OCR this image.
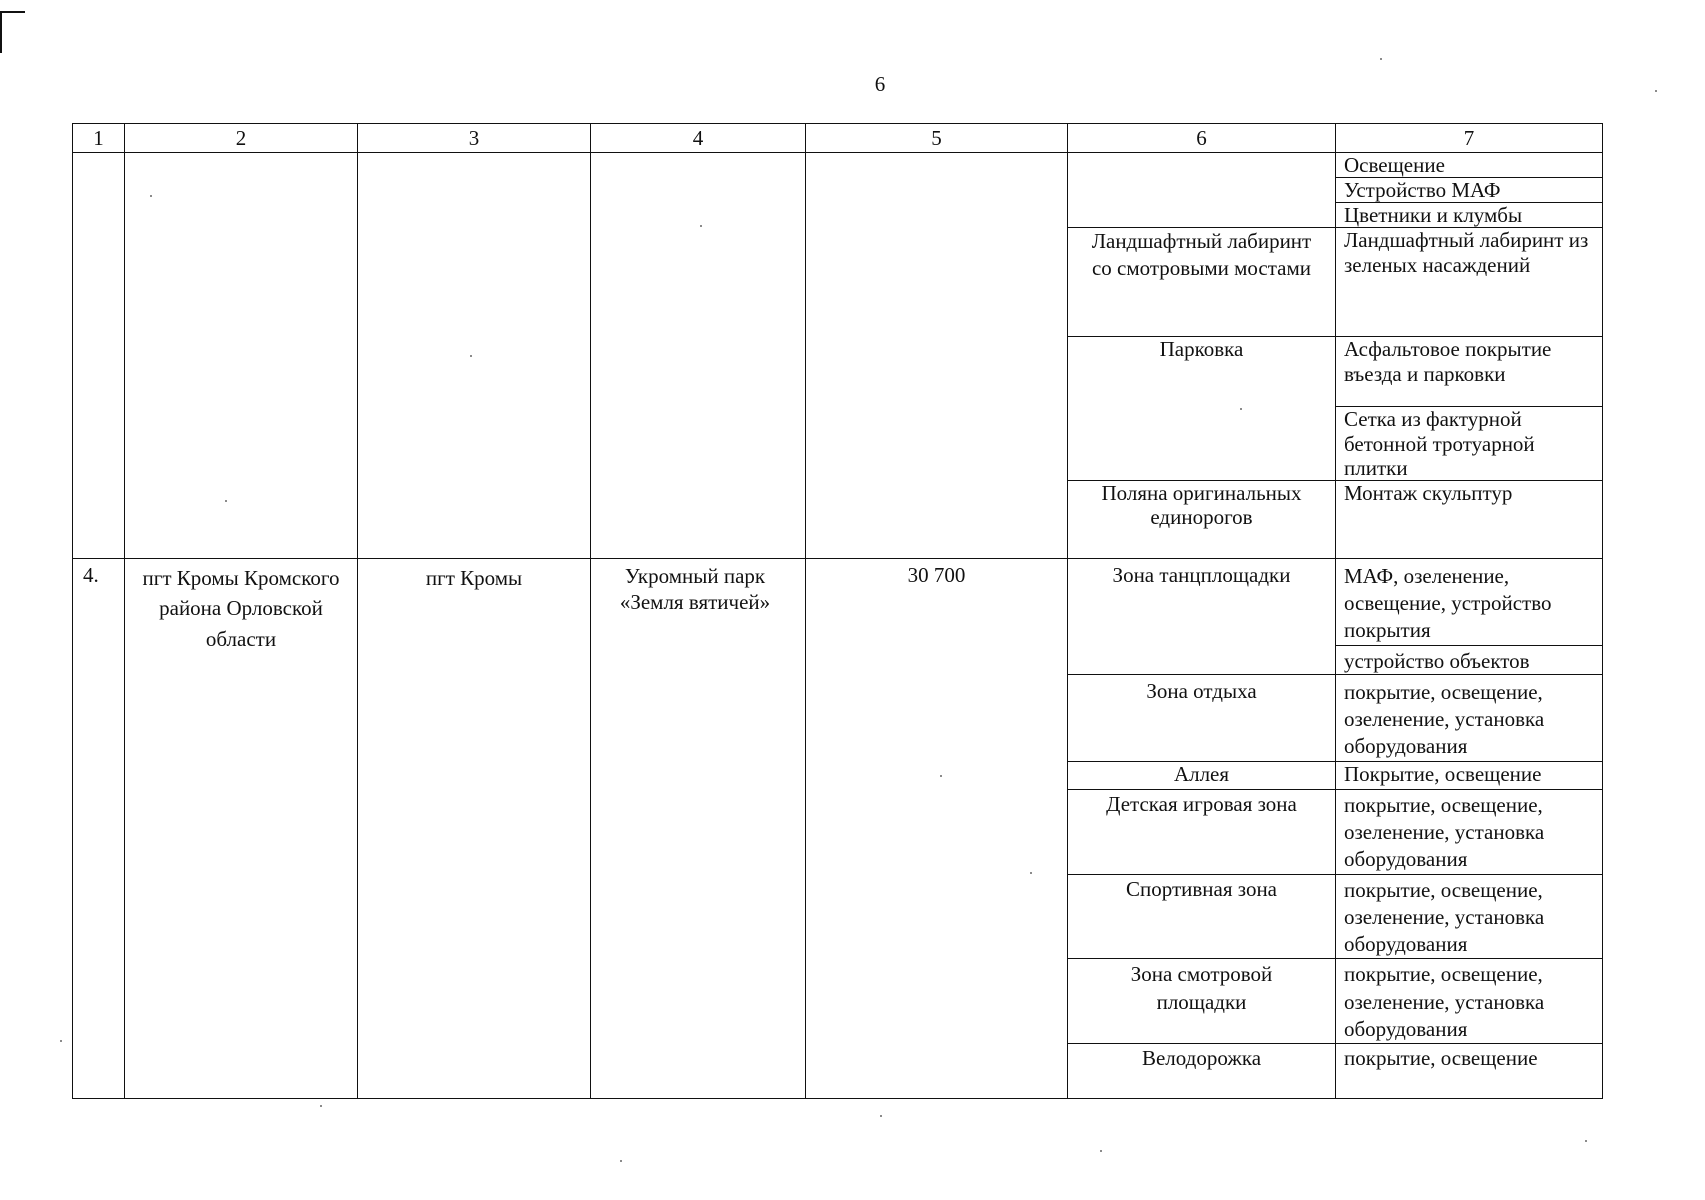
6
1	2	3	4	5	6	7
						Освещение
						Устройство МАФ
						Цветники и клумбы
					Ландшафтный лабиринт со смотровыми мостами	Ландшафтный лабиринт из зеленых насаждений
					Парковка	Асфальтовое покрытие въезда и парковки
						Сетка из фактурной бетонной тротуарной плитки
					Поляна оригинальных единорогов	Монтаж скульптур

4.	пгт Кромы Кромского района Орловской области	пгт Кромы	Укромный парк «Земля вятичей»	30 700	Зона танцплощадки	МАФ, озеленение, освещение, устройство покрытия
						устройство объектов
					Зона отдыха	покрытие, освещение, озеленение, установка оборудования
					Аллея	Покрытие, освещение
					Детская игровая зона	покрытие, освещение, озеленение, установка оборудования
					Спортивная зона	покрытие, освещение, озеленение, установка оборудования
					Зона смотровой площадки	покрытие, освещение, озеленение, установка оборудования
					Велодорожка	покрытие, освещение
